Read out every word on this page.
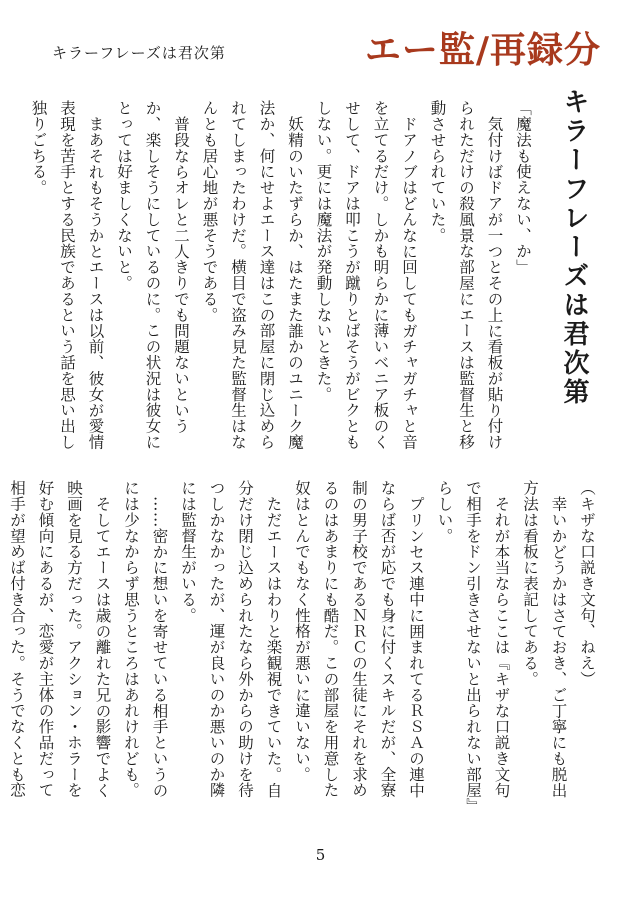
キラーフレーズは君次第	エー監/再録分
キラーフレーズは君次第

「魔法も使えない、か」

気付けばドアが一つとその上に看板が貼り付けられただけの殺風景な部屋にエースは監督生と移動させられていた。

ドアノブはどんなに回してもガチャガチャと音を立てるだけ。しかも明らかに薄いベニア板のくせして、ドアは叩こうが蹴りとばそうがビクともしない。更には魔法が発動しないときた。

妖精のいたずらか、はたまた誰かのユニーク魔法か、何にせよエース達はこの部屋に閉じ込められてしまったわけだ。横目で盗み見た監督生はなんとも居心地が悪そうである。

普段ならオレと二人きりでも問題ないというか、楽しそうにしているのに。この状況は彼女にとっては好ましくないと。

まあそれもそうかとエースは以前、彼女が愛情表現を苦手とする民族であるという話を思い出し独りごちる。

（キザな口説き文句、ねえ）

幸いかどうかはさておき、ご丁寧にも脱出方法は看板に表記してある。

それが本当ならここは『キザな口説き文句で相手をドン引きさせないと出られない部屋』らしい。

プリンセス連中に囲まれてるＲＳＡの連中ならば否が応でも身に付くスキルだが、全寮制の男子校であるＮＲＣの生徒にそれを求めるのはあまりにも酷だ。この部屋を用意した奴はとんでもなく性格が悪いに違いない。

ただエースはわりと楽観視できていた。自分だけ閉じ込められたなら外からの助けを待つしかなかったが、運が良いのか悪いのか隣には監督生がいる。

……密かに想いを寄せている相手というのには少なからず思うところはあれけれども。

そしてエースは歳の離れた兄の影響でよく映画を見る方だった。アクション・ホラーを好む傾向にあるが、恋愛が主体の作品だって相手が望めば付き合った。そうでなくとも恋

5
